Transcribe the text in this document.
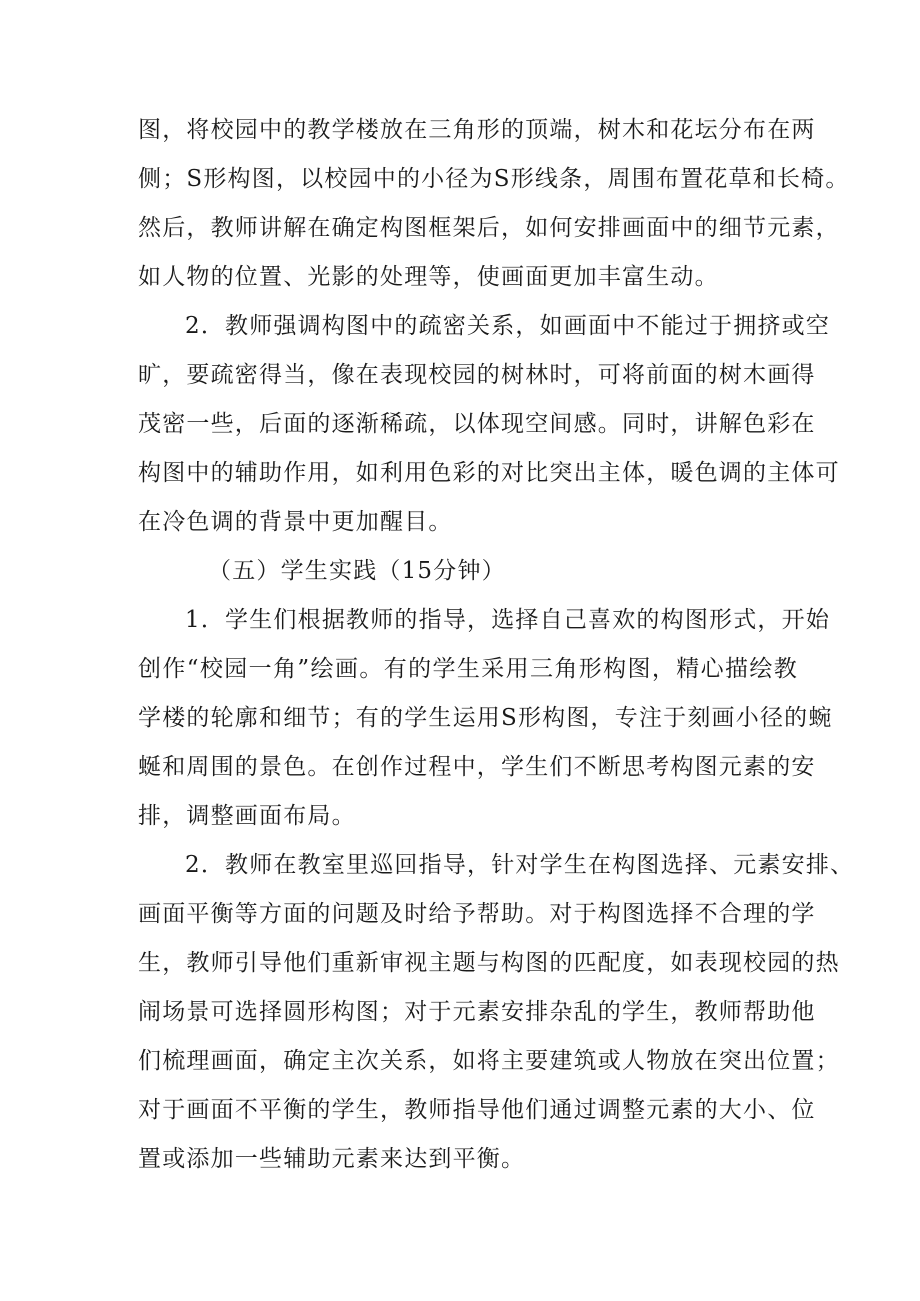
图，将校园中的教学楼放在三角形的顶端，树木和花坛分布在两
侧；S形构图，以校园中的小径为S形线条，周围布置花草和长椅。
然后，教师讲解在确定构图框架后，如何安排画面中的细节元素，
如人物的位置、光影的处理等，使画面更加丰富生动。
2．教师强调构图中的疏密关系，如画面中不能过于拥挤或空
旷，要疏密得当，像在表现校园的树林时，可将前面的树木画得
茂密一些，后面的逐渐稀疏，以体现空间感。同时，讲解色彩在
构图中的辅助作用，如利用色彩的对比突出主体，暖色调的主体可
在冷色调的背景中更加醒目。
（五）学生实践（15分钟）
1．学生们根据教师的指导，选择自己喜欢的构图形式，开始
创作“校园一角”绘画。有的学生采用三角形构图，精心描绘教
学楼的轮廓和细节；有的学生运用S形构图，专注于刻画小径的蜿
蜒和周围的景色。在创作过程中，学生们不断思考构图元素的安
排，调整画面布局。
2．教师在教室里巡回指导，针对学生在构图选择、元素安排、
画面平衡等方面的问题及时给予帮助。对于构图选择不合理的学
生，教师引导他们重新审视主题与构图的匹配度，如表现校园的热
闹场景可选择圆形构图；对于元素安排杂乱的学生，教师帮助他
们梳理画面，确定主次关系，如将主要建筑或人物放在突出位置；
对于画面不平衡的学生，教师指导他们通过调整元素的大小、位
置或添加一些辅助元素来达到平衡。
